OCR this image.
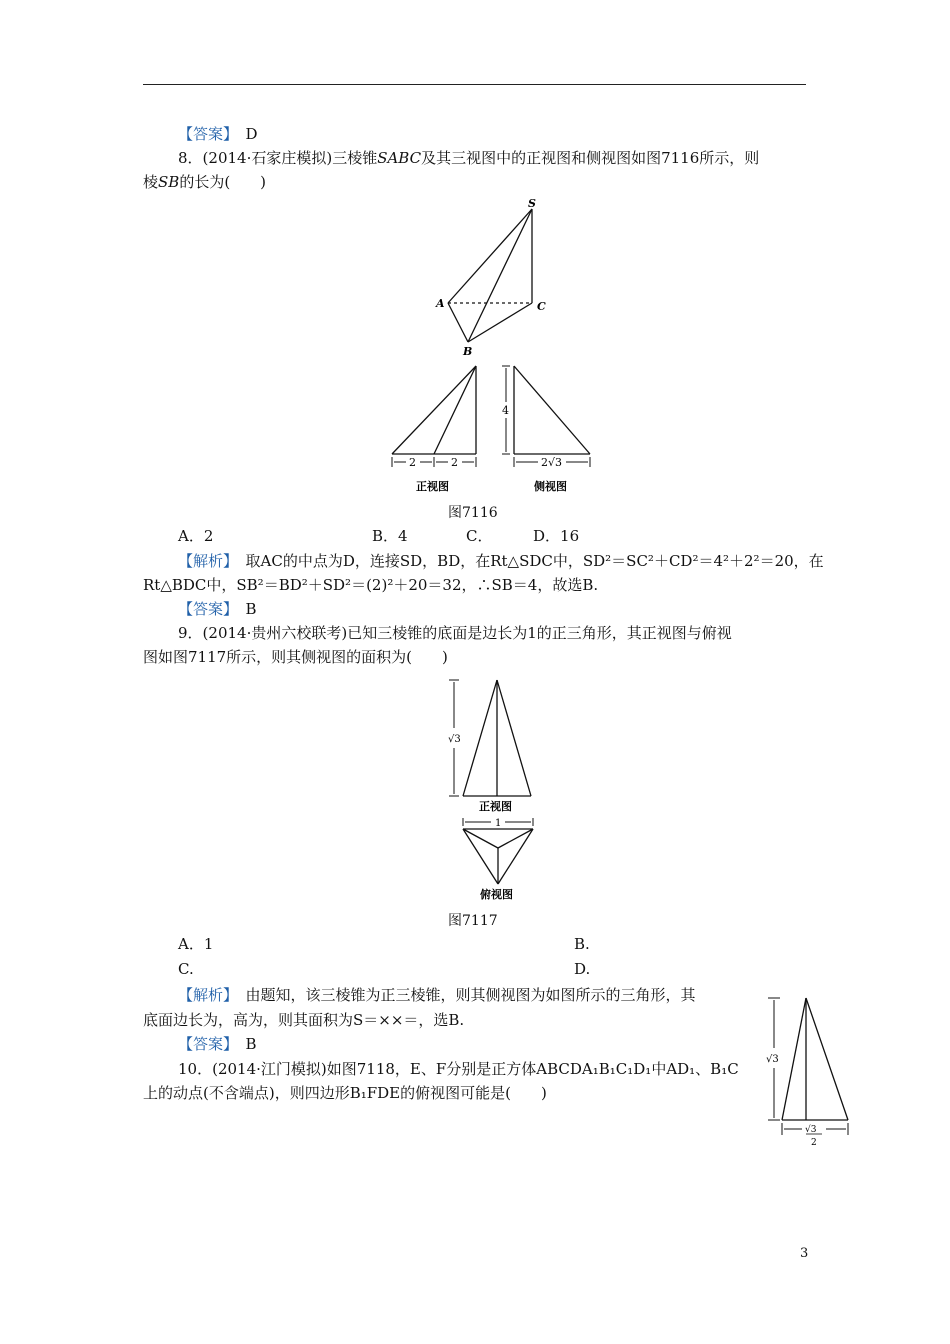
【答案】　 D
8．(2014·石家庄模拟)三棱锥SABC及其三视图中的正视图和侧视图如图7116所示，则
棱SB的长为(　　)
S
A	C
B
2	2
正视图
4
2√3
侧视图
图7116
A．2	B．4	C．	D．16
【解析】　 取AC的中点为D，连接SD，BD，在Rt△SDC中，SD²＝SC²＋CD²＝4²＋2²＝20，在
Rt△BDC中，SB²＝BD²＋SD²＝(2)²＋20＝32，∴SB＝4，故选B.
【答案】　 B
9．(2014·贵州六校联考)已知三棱锥的底面是边长为1的正三角形，其正视图与俯视
图如图7117所示，则其侧视图的面积为(　　)
√3
正视图
1
俯视图
图7117
A．1	B.
C.	D.
【解析】　 由题知，该三棱锥为正三棱锥，则其侧视图为如图所示的三角形，其
底面边长为，高为，则其面积为S＝××＝，选B.
【答案】　 B
√3
√3
2
10．(2014·江门模拟)如图7118，E、F分别是正方体ABCDA₁B₁C₁D₁中AD₁、B₁C
上的动点(不含端点)，则四边形B₁FDE的俯视图可能是(　　)
3
